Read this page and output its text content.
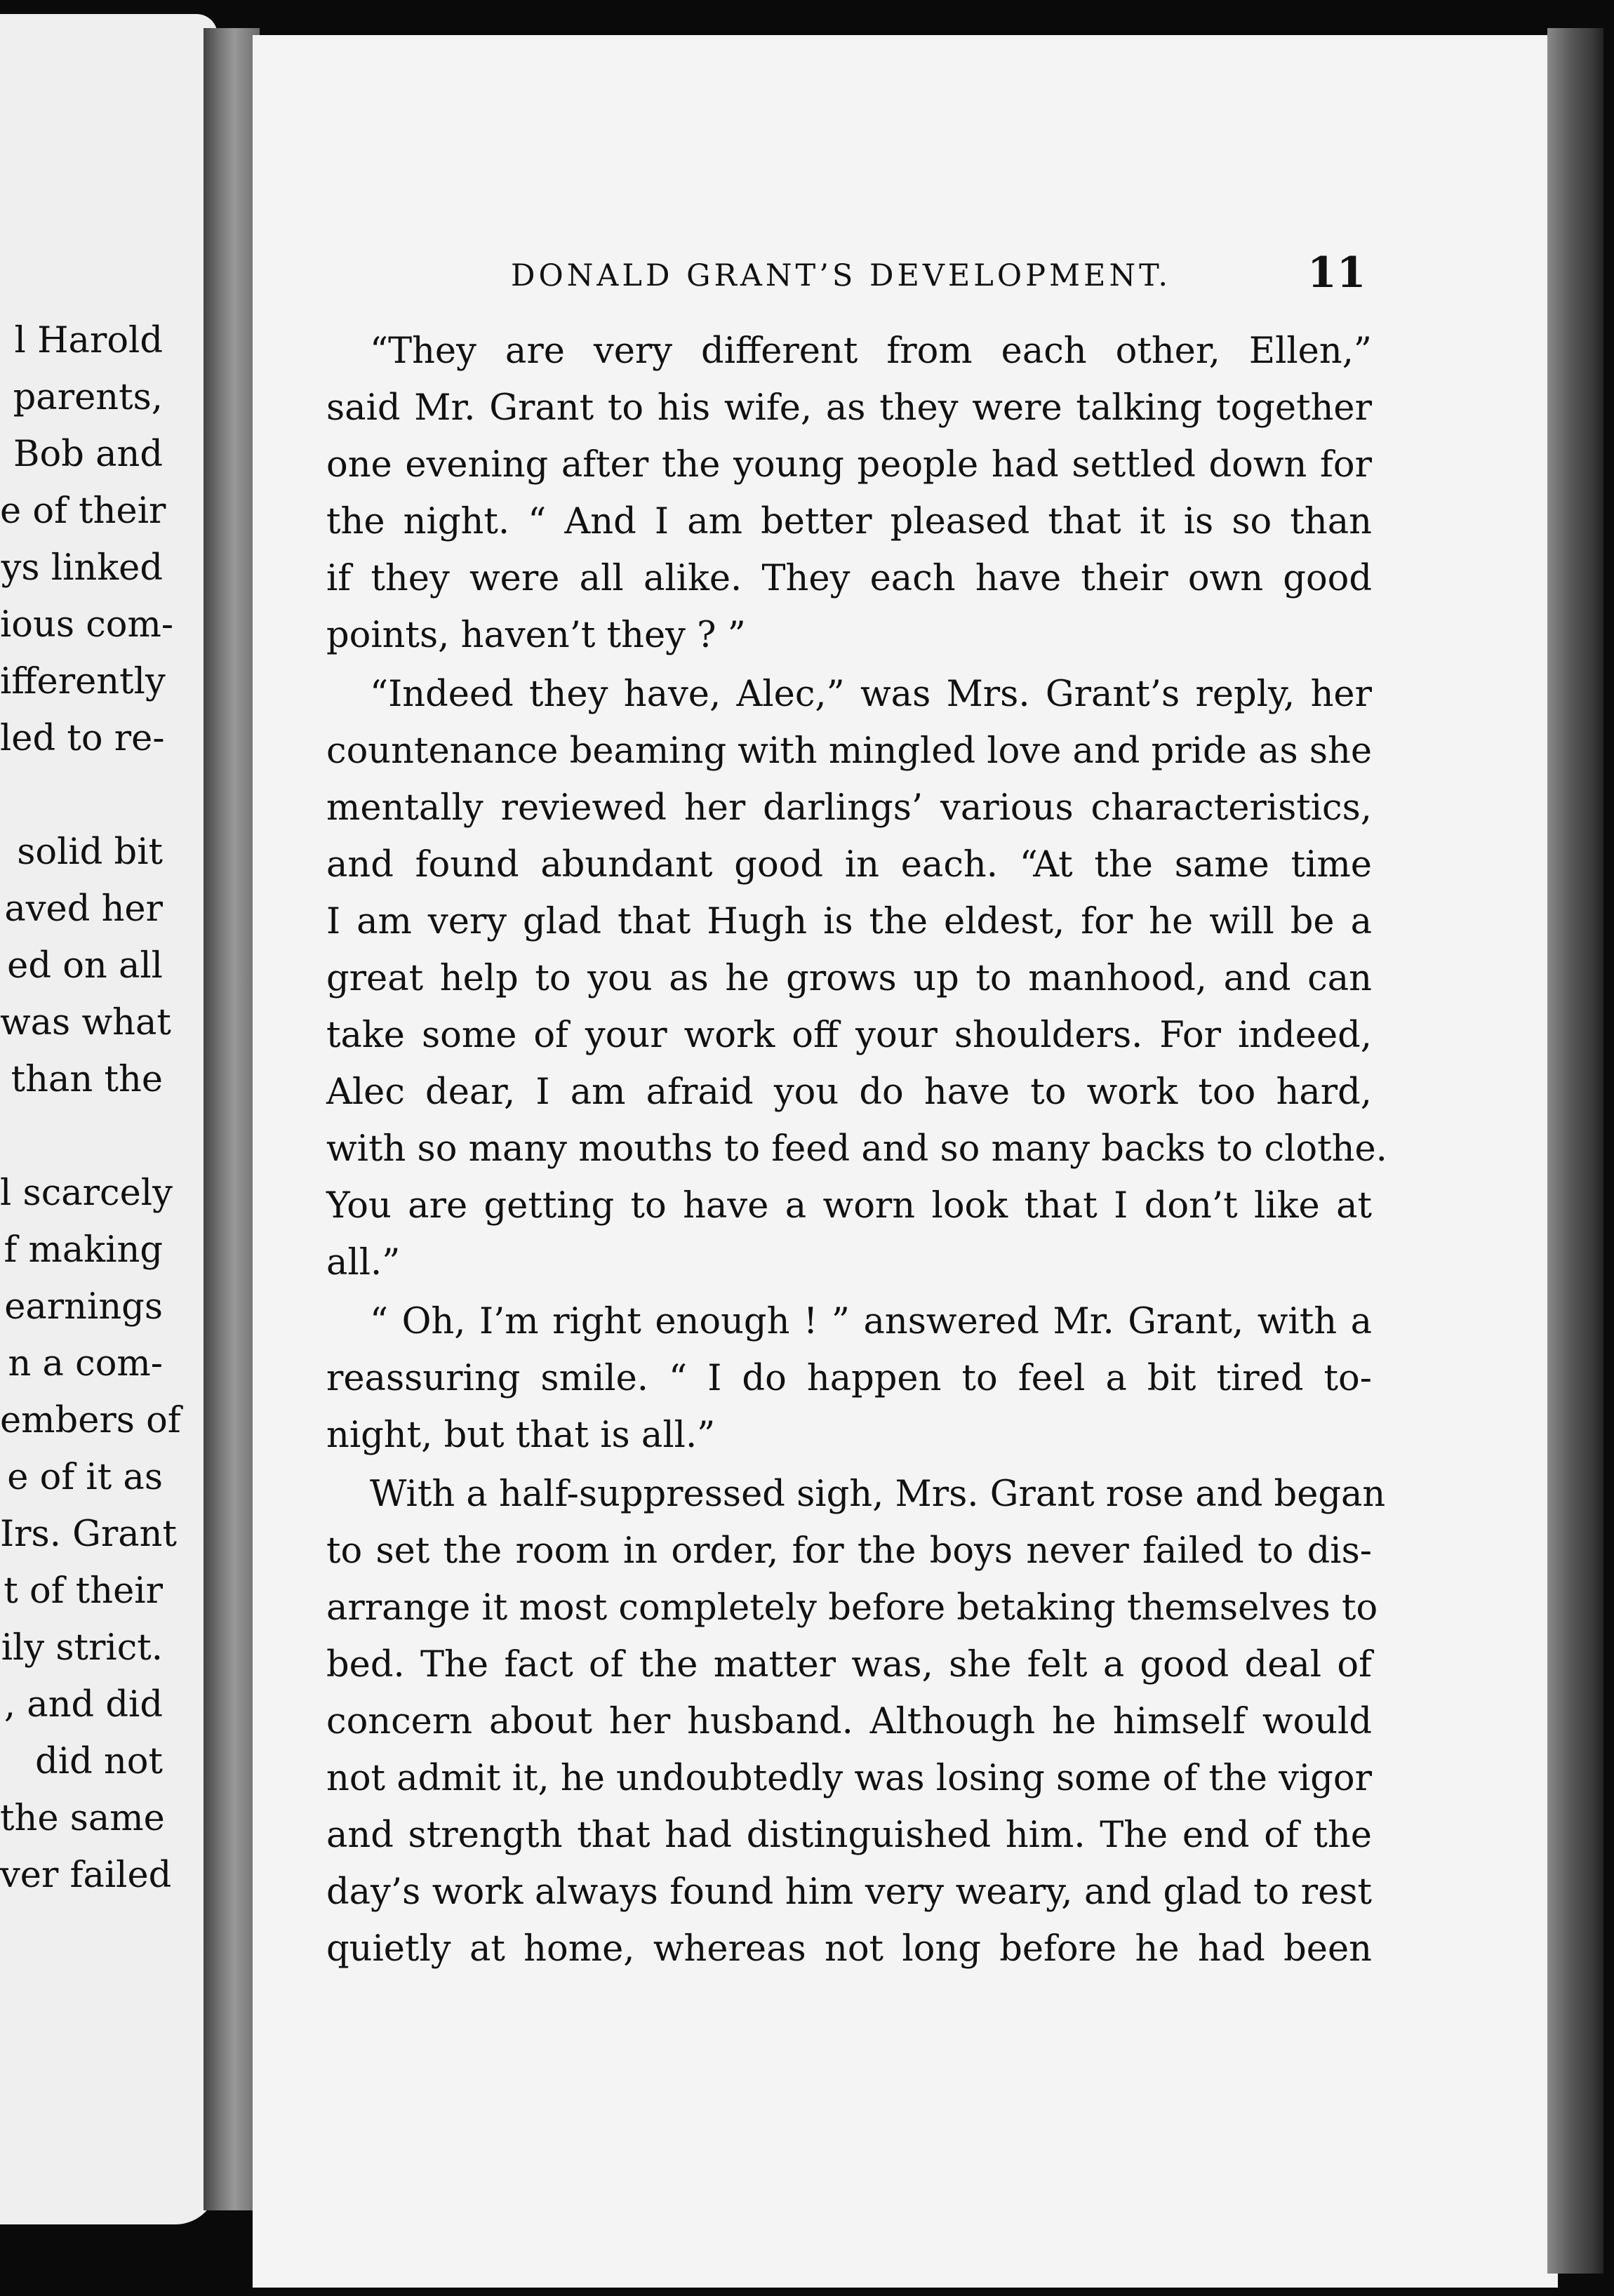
l Harold
parents,
Bob and
e of their
ys linked
ious com-
ifferently
led to re-
solid bit
aved her
ed on all
was what
than the
l scarcely
f making
earnings
n a com-
embers of
e of it as
Irs. Grant
t of their
ily strict.
, and did
did not
the same
ver failed
DONALD GRANT’S DEVELOPMENT.	11
“They are very different from each other, Ellen,”
said Mr. Grant to his wife, as they were talking together
one evening after the young people had settled down for
the night. “ And I am better pleased that it is so than
if they were all alike. They each have their own good
points, haven’t they ? ”
“Indeed they have, Alec,” was Mrs. Grant’s reply, her
countenance beaming with mingled love and pride as she
mentally reviewed her darlings’ various characteristics,
and found abundant good in each. “At the same time
I am very glad that Hugh is the eldest, for he will be a
great help to you as he grows up to manhood, and can
take some of your work off your shoulders. For indeed,
Alec dear, I am afraid you do have to work too hard,
with so many mouths to feed and so many backs to clothe.
You are getting to have a worn look that I don’t like at
all.”
“ Oh, I’m right enough ! ” answered Mr. Grant, with a
reassuring smile. “ I do happen to feel a bit tired to-
night, but that is all.”
With a half-suppressed sigh, Mrs. Grant rose and began
to set the room in order, for the boys never failed to dis-
arrange it most completely before betaking themselves to
bed. The fact of the matter was, she felt a good deal of
concern about her husband. Although he himself would
not admit it, he undoubtedly was losing some of the vigor
and strength that had distinguished him. The end of the
day’s work always found him very weary, and glad to rest
quietly at home, whereas not long before he had been
